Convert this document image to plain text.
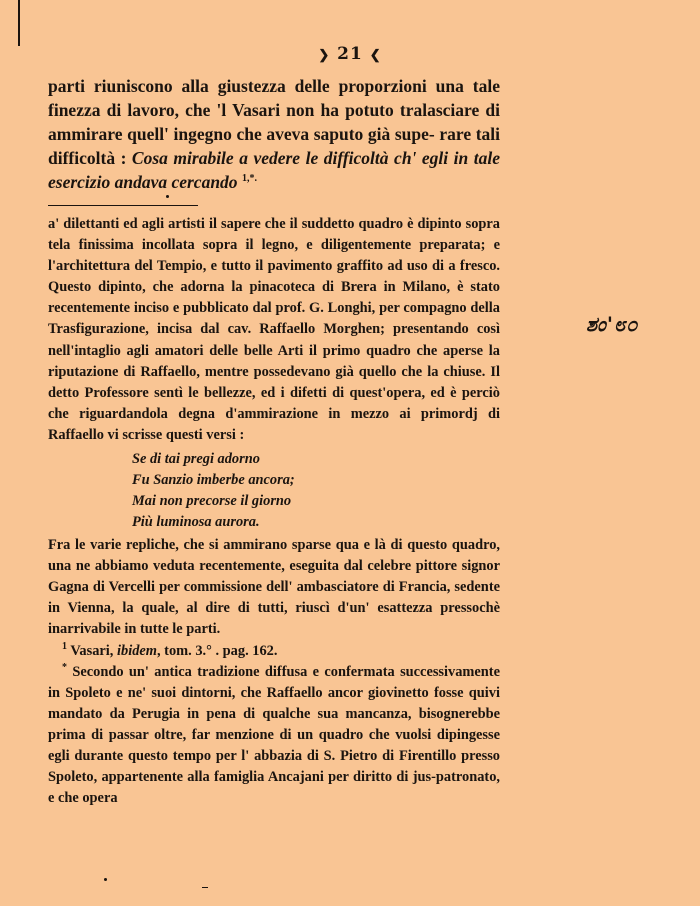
❯ 21 ❮
parti riuniscono alla giustezza delle proporzioni una tale finezza di lavoro, che 'l Vasari non ha potuto tralasciare di ammirare quell' ingegno che aveva saputo già supe- rare tali difficoltà : Cosa mirabile a vedere le difficoltà ch' egli in tale esercizio andava cercando $^{1,*.}$

a' dilettanti ed agli artisti il sapere che il suddetto quadro è dipinto sopra tela finissima incollata sopra il legno, e diligentemente preparata; e l'architettura del Tempio, e tutto il pavimento graffito ad uso di a fresco. Questo dipinto, che adorna la pinacoteca di Brera in Milano, è stato recentemente inciso e pubblicato dal prof. G. Longhi, per compagno della Trasfigurazione, incisa dal cav. Raffaello Morghen; presentando così nell'intaglio agli amatori delle belle Arti il primo quadro che aperse la riputazione di Raffaello, mentre possedevano già quello che la chiuse. Il detto Professore sentì le bellezze, ed i difetti di quest'opera, ed è perciò che riguardandola degna d'ammirazione in mezzo ai primordj di Raffaello vi scrisse questi versi :

Se di tai pregi adorno
Fu Sanzio imberbe ancora;
Mai non precorse il giorno
Più luminosa aurora.

Fra le varie repliche, che si ammirano sparse qua e là di questo quadro, una ne abbiamo veduta recentemente, eseguita dal celebre pittore signor Gagna di Vercelli per commissione dell' ambasciatore di Francia, sedente in Vienna, la quale, al dire di tutti, riuscì d'un' esattezza pressochè inarrivabile in tutte le parti.

$^1$ Vasari, ibidem, tom. 3.° . pag. 162.

* Secondo un' antica tradizione diffusa e confermata successivamente in Spoleto e ne' suoi dintorni, che Raffaello ancor giovinetto fosse quivi mandato da Perugia in pena di qualche sua mancanza, bisognerebbe prima di passar oltre, far menzione di un quadro che vuolsi dipingesse egli durante questo tempo per l' abbazia di S. Pietro di Firentillo presso Spoleto, appartenente alla famiglia Ancajani per diritto di jus-patronato, e che opera

ಶಂ'೮೦
